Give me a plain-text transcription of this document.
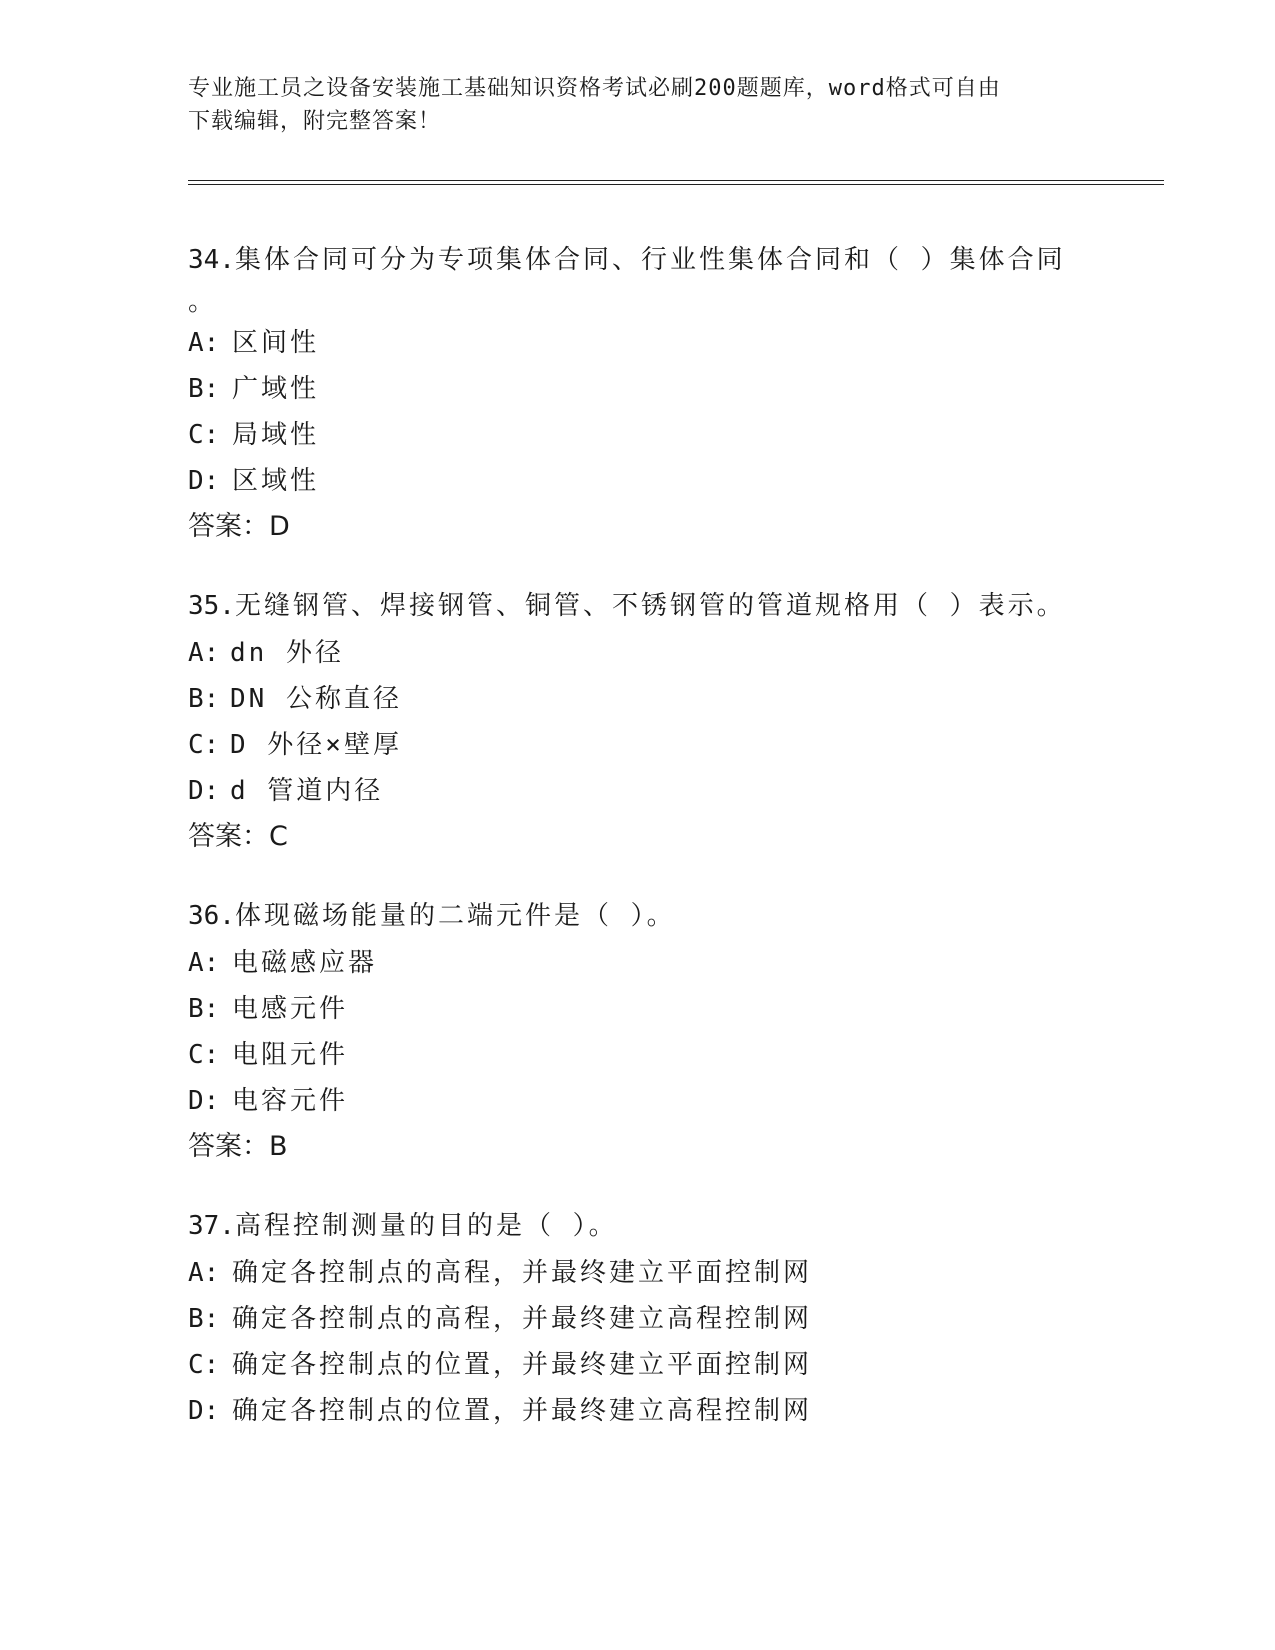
专业施工员之设备安装施工基础知识资格考试必刷200题题库，word格式可自由
下载编辑，附完整答案！

34.集体合同可分为专项集体合同、行业性集体合同和（ ）集体合同

。

A: 区间性
B: 广域性
C: 局域性
D: 区域性

答案：D

35.无缝钢管、焊接钢管、铜管、不锈钢管的管道规格用（ ）表示。

A: dn 外径
B: DN 公称直径
C: D 外径×壁厚
D: d 管道内径

答案：C

36.体现磁场能量的二端元件是（ ）。

A: 电磁感应器
B: 电感元件
C: 电阻元件
D: 电容元件

答案：B

37.高程控制测量的目的是（ ）。

A: 确定各控制点的高程，并最终建立平面控制网
B: 确定各控制点的高程，并最终建立高程控制网
C: 确定各控制点的位置，并最终建立平面控制网
D: 确定各控制点的位置，并最终建立高程控制网
